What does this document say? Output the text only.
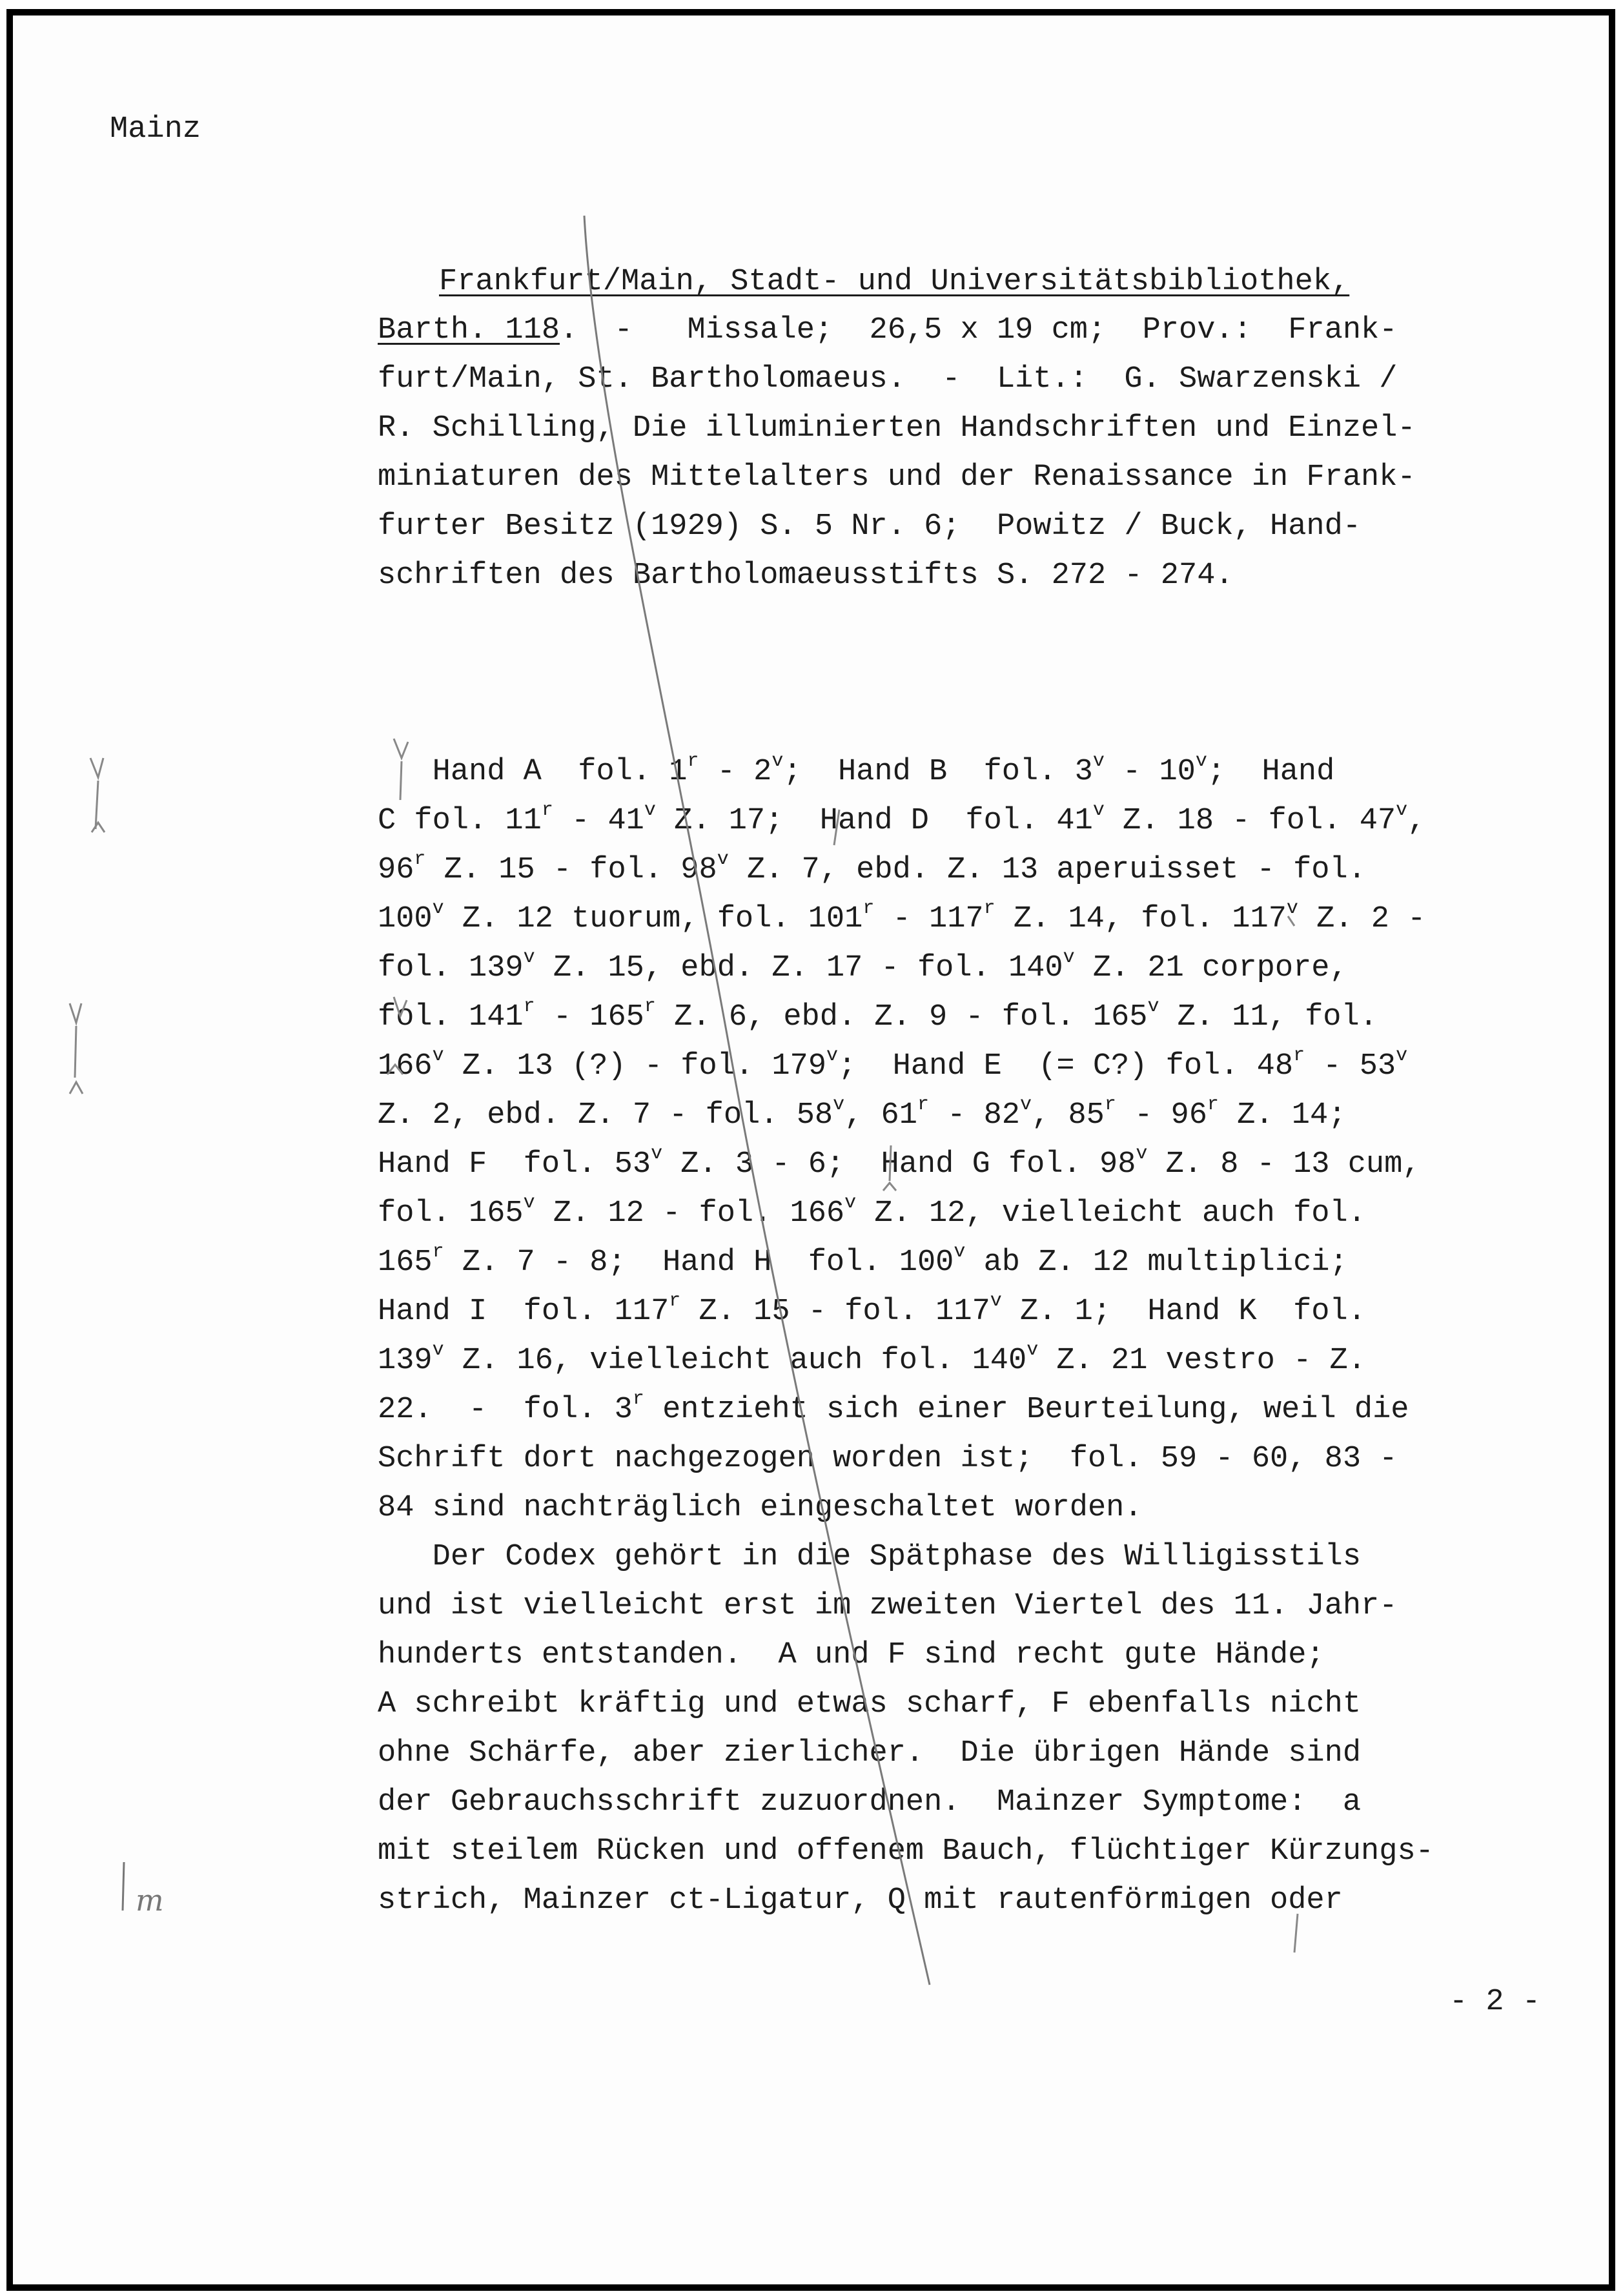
Mainz
Frankfurt/Main, Stadt- und Universitätsbibliothek,
Barth. 118.  -   Missale;  26,5 x 19 cm;  Prov.:  Frank-
furt/Main, St. Bartholomaeus.  -  Lit.:  G. Swarzenski /
R. Schilling, Die illuminierten Handschriften und Einzel-
miniaturen des Mittelalters und der Renaissance in Frank-
furter Besitz (1929) S. 5 Nr. 6;  Powitz / Buck, Hand-
schriften des Bartholomaeusstifts S. 272 - 274.
Hand A  fol. 1$^r$ - 2$^v$;  Hand B  fol. 3$^v$ - 10$^v$;  Hand
C fol. 11$^r$ - 41$^v$ Z. 17;  Hand D  fol. 41$^v$ Z. 18 - fol. 47$^v$,
96$^r$ Z. 15 - fol. 98$^v$ Z. 7, ebd. Z. 13 aperuisset - fol.
100$^v$ Z. 12 tuorum, fol. 101$^r$ - 117$^r$ Z. 14, fol. 117$^v$ Z. 2 -
fol. 139$^v$ Z. 15, ebd. Z. 17 - fol. 140$^v$ Z. 21 corpore,
fol. 141$^r$ - 165$^r$ Z. 6, ebd. Z. 9 - fol. 165$^v$ Z. 11, fol.
166$^v$ Z. 13 (?) - fol. 179$^v$;  Hand E  (= C?) fol. 48$^r$ - 53$^v$
Z. 2, ebd. Z. 7 - fol. 58$^v$, 61$^r$ - 82$^v$, 85$^r$ - 96$^r$ Z. 14;
Hand F  fol. 53$^v$ Z. 3 - 6;  Hand G fol. 98$^v$ Z. 8 - 13 cum,
fol. 165$^v$ Z. 12 - fol. 166$^v$ Z. 12, vielleicht auch fol.
165$^r$ Z. 7 - 8;  Hand H  fol. 100$^v$ ab Z. 12 multiplici;
Hand I  fol. 117$^r$ Z. 15 - fol. 117$^v$ Z. 1;  Hand K  fol.
139$^v$ Z. 16, vielleicht auch fol. 140$^v$ Z. 21 vestro - Z.
22.  -  fol. 3$^r$ entzieht sich einer Beurteilung, weil die
Schrift dort nachgezogen worden ist;  fol. 59 - 60, 83 -
84 sind nachträglich eingeschaltet worden.
Der Codex gehört in die Spätphase des Willigisstils
und ist vielleicht erst im zweiten Viertel des 11. Jahr-
hunderts entstanden.  A und F sind recht gute Hände;
A schreibt kräftig und etwas scharf, F ebenfalls nicht
ohne Schärfe, aber zierlicher.  Die übrigen Hände sind
der Gebrauchsschrift zuzuordnen.  Mainzer Symptome:  a
mit steilem Rücken und offenem Bauch, flüchtiger Kürzungs-
strich, Mainzer ct-Ligatur, Q mit rautenförmigen oder
- 2 -
m
